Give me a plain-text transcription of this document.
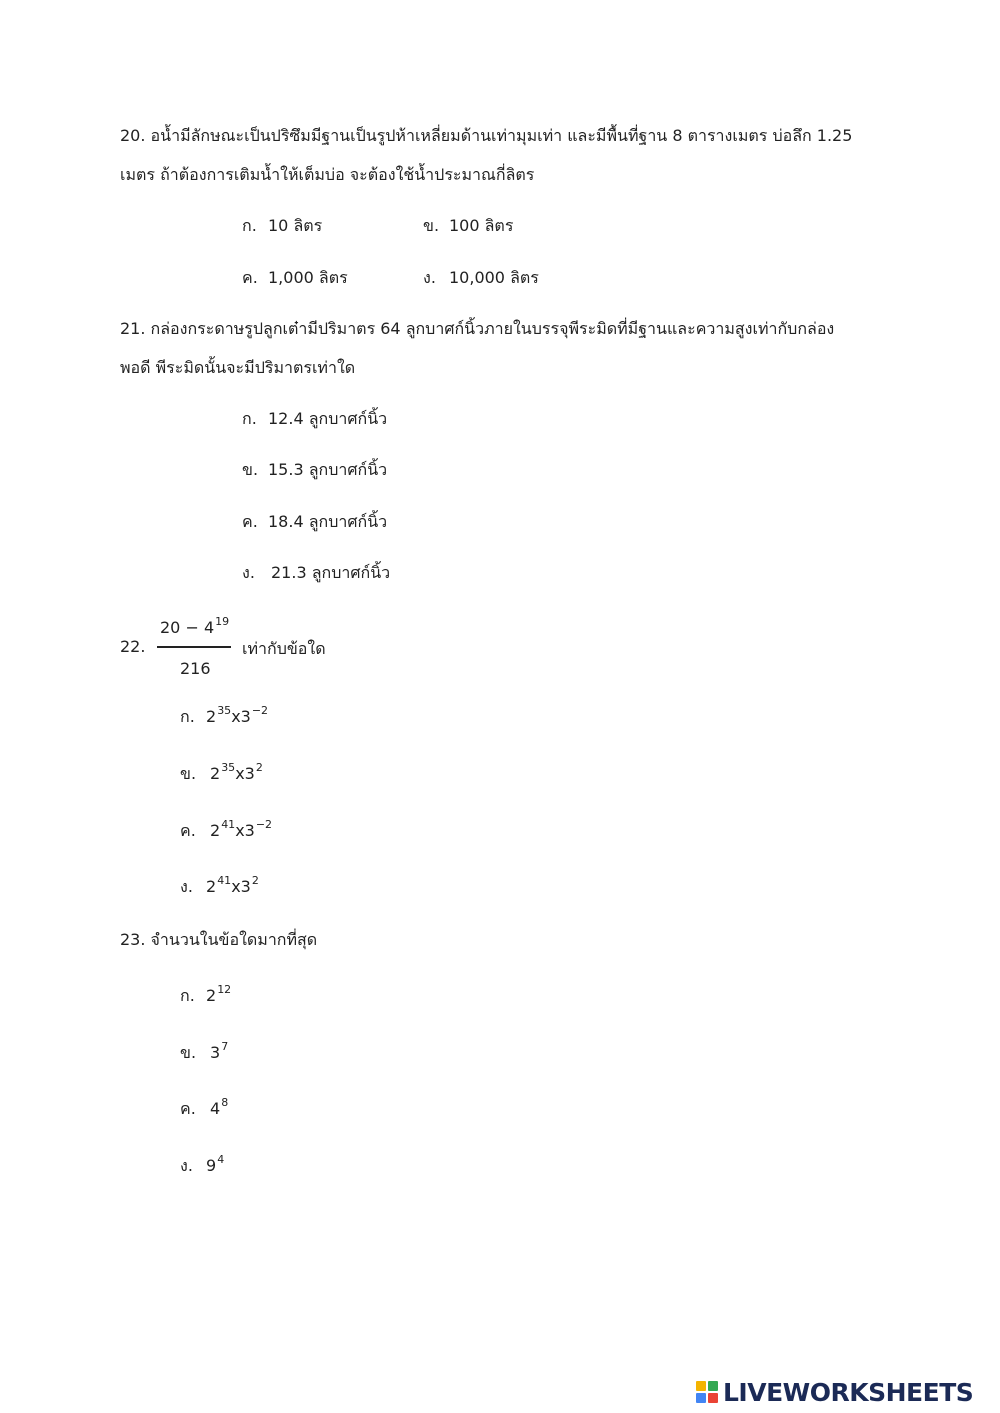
20. อน้ำมีลักษณะเป็นปริซึมมีฐานเป็นรูปห้าเหลี่ยมด้านเท่ามุมเท่า และมีพื้นที่ฐาน 8 ตารางเมตร บ่อลึก 1.25
เมตร ถ้าต้องการเติมน้ำให้เต็มบ่อ จะต้องใช้น้ำประมาณกี่ลิตร
ก. 10 ลิตร	ข. 100 ลิตร
ค. 1,000 ลิตร	ง. 10,000 ลิตร
21. กล่องกระดาษรูปลูกเต๋ามีปริมาตร 64 ลูกบาศก์นิ้วภายในบรรจุพีระมิดที่มีฐานและความสูงเท่ากับกล่อง
พอดี พีระมิดนั้นจะมีปริมาตรเท่าใด
ก. 12.4 ลูกบาศก์นิ้ว
ข. 15.3 ลูกบาศก์นิ้ว
ค. 18.4 ลูกบาศก์นิ้ว
ง. 21.3 ลูกบาศก์นิ้ว
22.
$20 - 4^{19}$
216
เท่ากับข้อใด
ก. $2^{35}x3^{-2}$
ข. $2^{35}x3^2$
ค. $2^{41}x3^{-2}$
ง. $2^{41}x3^2$
23. จำนวนในข้อใดมากที่สุด
ก. $2^{12}$
ข. $3^7$
ค. $4^8$
ง. $9^4$
LIVEWORKSHEETS
